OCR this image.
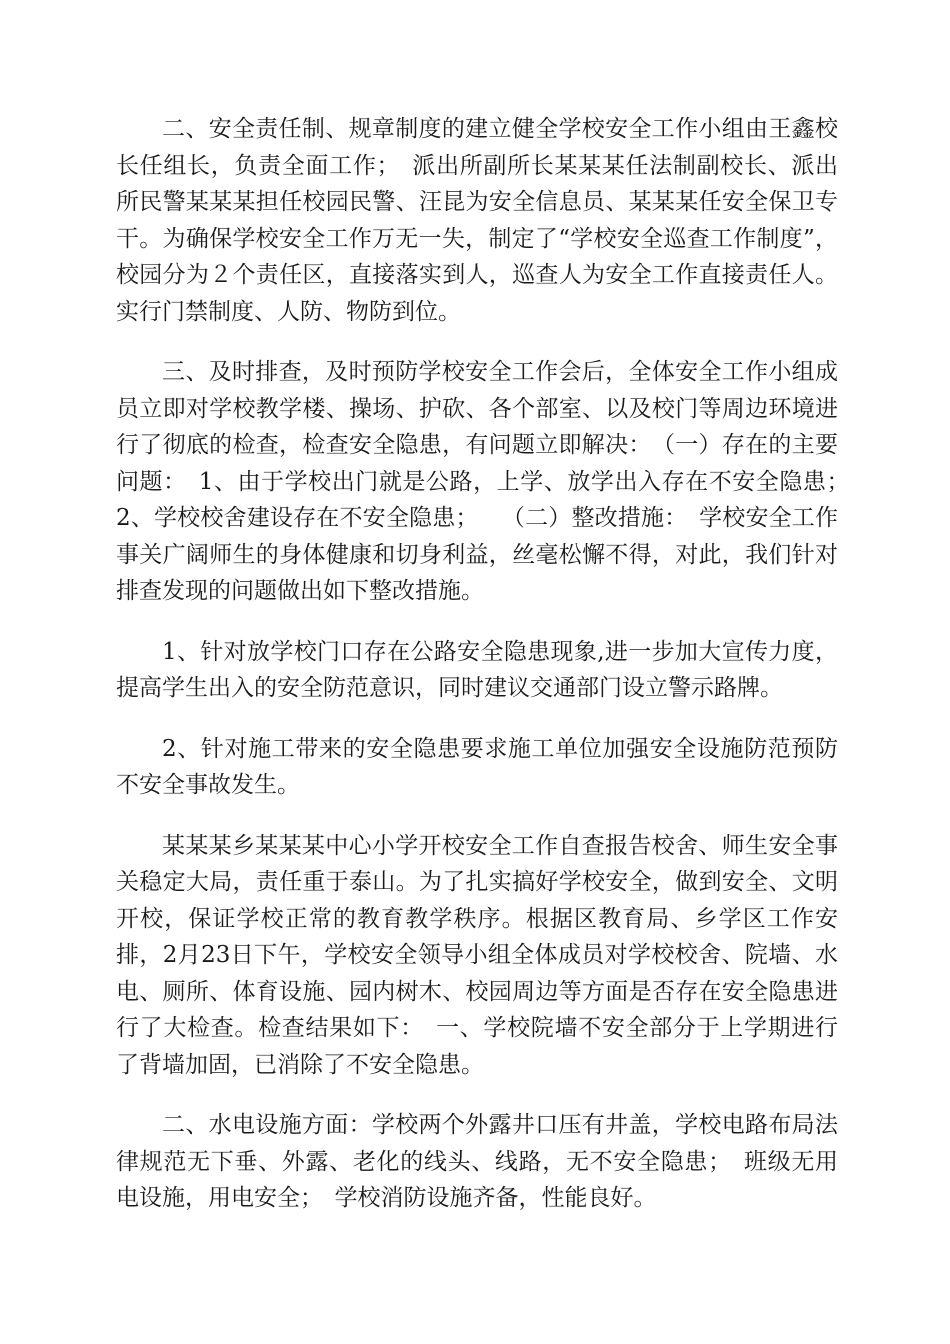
二、安全责任制、规章制度的建立健全学校安全工作小组由王鑫校长任组长，负责全面工作；　派出所副所长某某某任法制副校长、派出所民警某某某担任校园民警、汪昆为安全信息员、某某某任安全保卫专干。为确保学校安全工作万无一失，制定了“学校安全巡查工作制度”，校园分为２个责任区，直接落实到人，巡查人为安全工作直接责任人。实行门禁制度、人防、物防到位。

三、及时排查，及时预防学校安全工作会后，全体安全工作小组成员立即对学校教学楼、操场、护砍、各个部室、以及校门等周边环境进行了彻底的检查，检查安全隐患，有问题立即解决：　（一）存在的主要问题：　1、由于学校出门就是公路，上学、放学出入存在不安全隐患；　2、学校校舍建设存在不安全隐患；　　（二）整改措施：　学校安全工作事关广阔师生的身体健康和切身利益，丝毫松懈不得，对此，我们针对排查发现的问题做出如下整改措施。

1、针对放学校门口存在公路安全隐患现象,进一步加大宣传力度，提高学生出入的安全防范意识，同时建议交通部门设立警示路牌。

2、针对施工带来的安全隐患要求施工单位加强安全设施防范预防不安全事故发生。

某某某乡某某某中心小学开校安全工作自查报告校舍、师生安全事关稳定大局，责任重于泰山。为了扎实搞好学校安全，做到安全、文明开校，保证学校正常的教育教学秩序。根据区教育局、乡学区工作安排，2月23日下午，学校安全领导小组全体成员对学校校舍、院墙、水电、厕所、体育设施、园内树木、校园周边等方面是否存在安全隐患进行了大检查。检查结果如下：　一、学校院墙不安全部分于上学期进行了背墙加固，已消除了不安全隐患。

二、水电设施方面：学校两个外露井口压有井盖，学校电路布局法律规范无下垂、外露、老化的线头、线路，无不安全隐患；　班级无用电设施，用电安全；　学校消防设施齐备，性能良好。
